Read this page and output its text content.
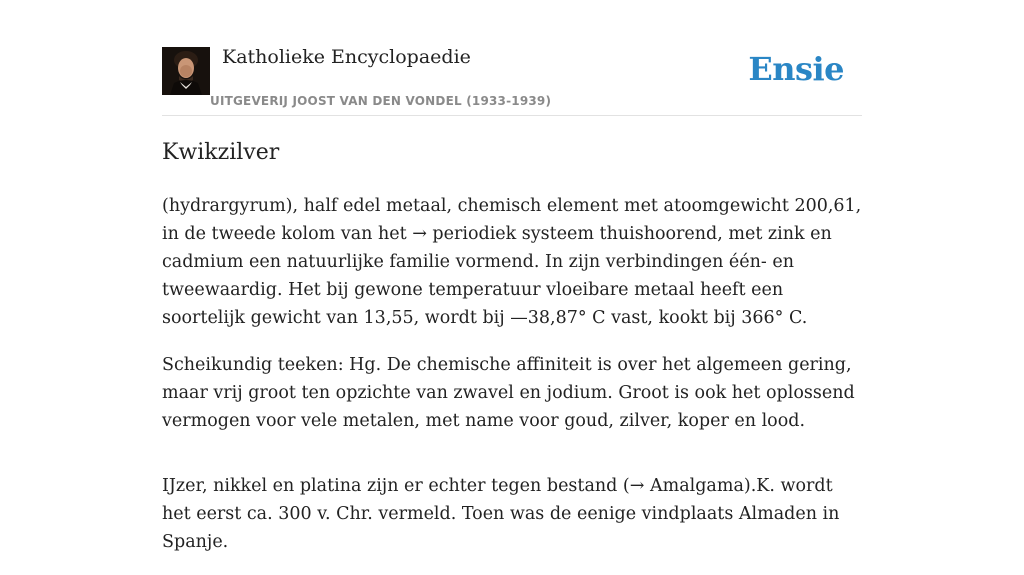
Katholieke Encyclopaedie
UITGEVERIJ JOOST VAN DEN VONDEL (1933-1939)
Ensie
Kwikzilver

(hydrargyrum), half edel metaal, chemisch element met atoomgewicht 200,61, in de tweede kolom van het → periodiek systeem thuishoorend, met zink en cadmium een natuurlijke familie vormend. In zijn verbindingen één- en tweewaardig. Het bij gewone temperatuur vloeibare metaal heeft een soortelijk gewicht van 13,55, wordt bij —38,87° C vast, kookt bij 366° C.

Scheikundig teeken: Hg. De chemische affiniteit is over het algemeen gering, maar vrij groot ten opzichte van zwavel en jodium. Groot is ook het oplossend vermogen voor vele metalen, met name voor goud, zilver, koper en lood.

IJzer, nikkel en platina zijn er echter tegen bestand (→ Amalgama).K. wordt het eerst ca. 300 v. Chr. vermeld. Toen was de eenige vindplaats Almaden in Spanje.
